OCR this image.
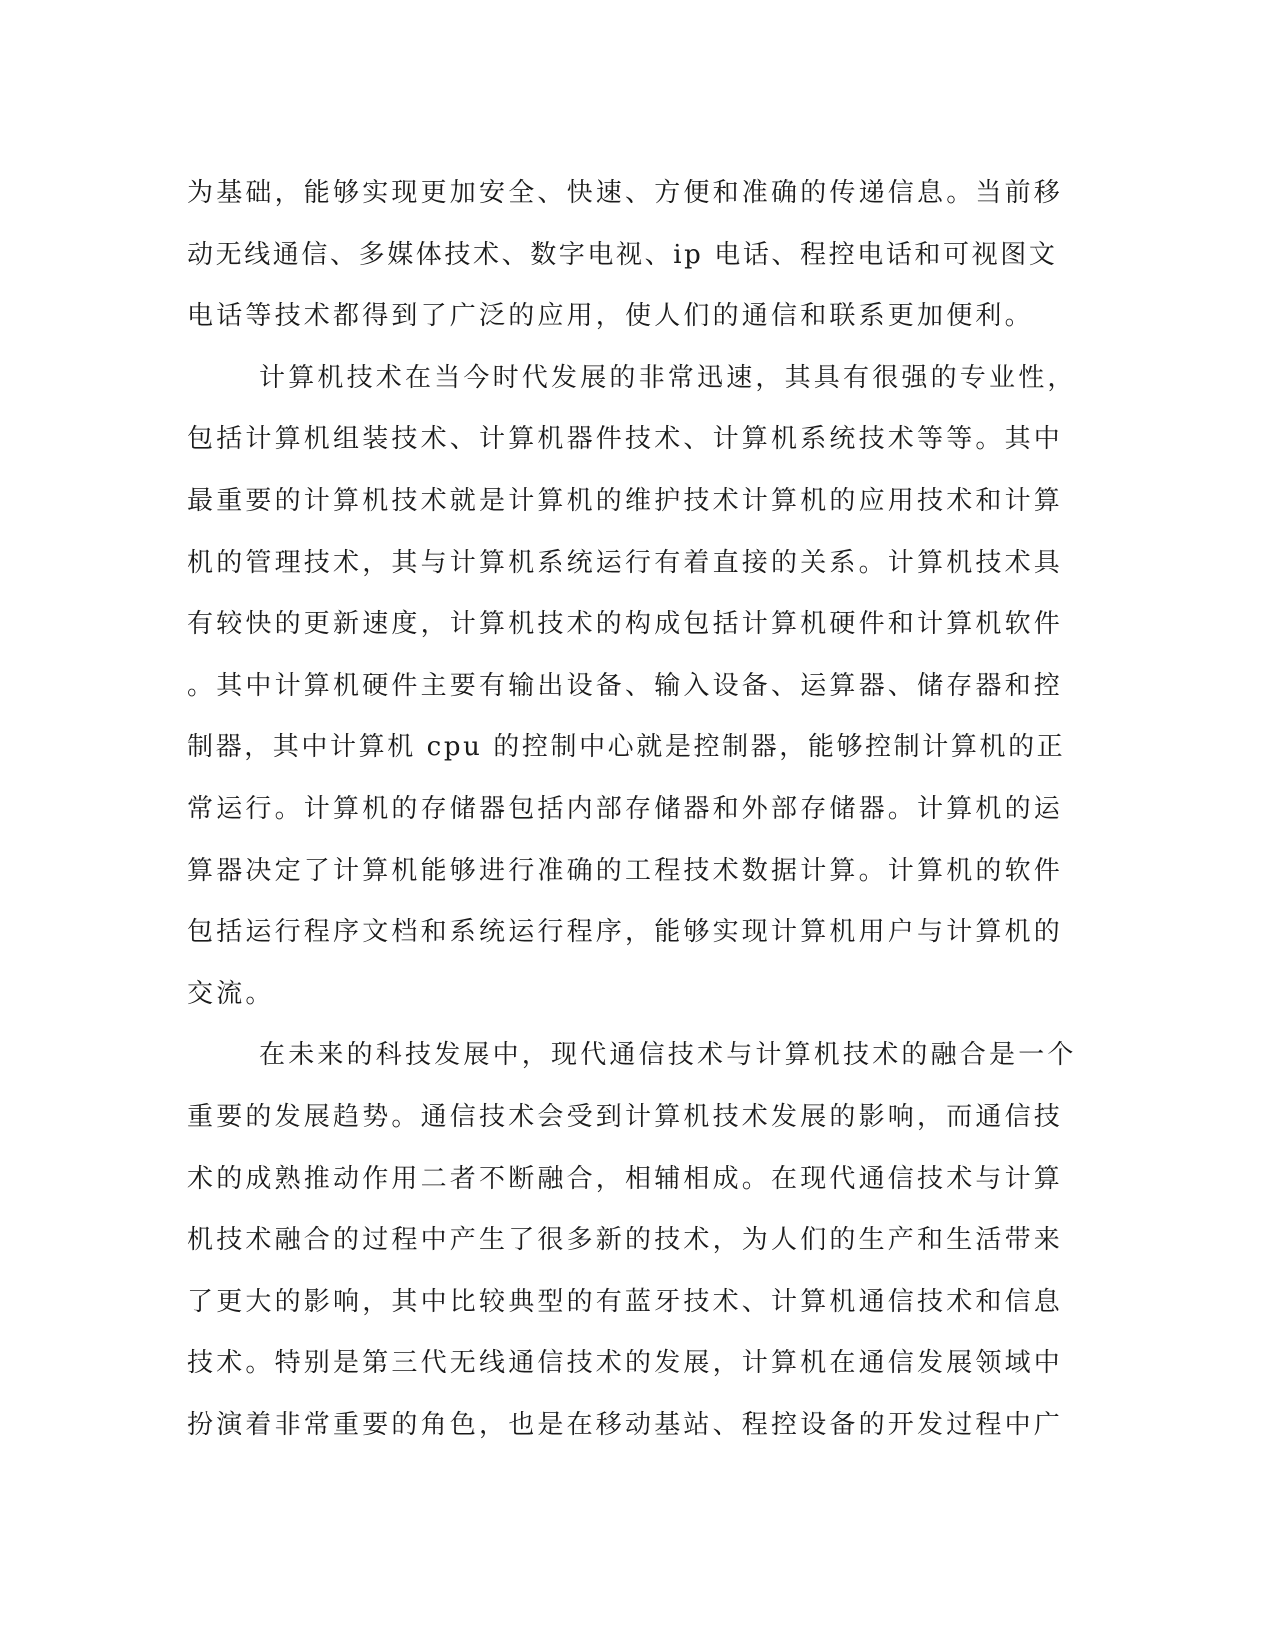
为基础，能够实现更加安全、快速、方便和准确的传递信息。当前移
动无线通信、多媒体技术、数字电视、ip 电话、程控电话和可视图文
电话等技术都得到了广泛的应用，使人们的通信和联系更加便利。
计算机技术在当今时代发展的非常迅速，其具有很强的专业性，
包括计算机组装技术、计算机器件技术、计算机系统技术等等。其中
最重要的计算机技术就是计算机的维护技术计算机的应用技术和计算
机的管理技术，其与计算机系统运行有着直接的关系。计算机技术具
有较快的更新速度，计算机技术的构成包括计算机硬件和计算机软件
。其中计算机硬件主要有输出设备、输入设备、运算器、储存器和控
制器，其中计算机 cpu 的控制中心就是控制器，能够控制计算机的正
常运行。计算机的存储器包括内部存储器和外部存储器。计算机的运
算器决定了计算机能够进行准确的工程技术数据计算。计算机的软件
包括运行程序文档和系统运行程序，能够实现计算机用户与计算机的
交流。
在未来的科技发展中，现代通信技术与计算机技术的融合是一个
重要的发展趋势。通信技术会受到计算机技术发展的影响，而通信技
术的成熟推动作用二者不断融合，相辅相成。在现代通信技术与计算
机技术融合的过程中产生了很多新的技术，为人们的生产和生活带来
了更大的影响，其中比较典型的有蓝牙技术、计算机通信技术和信息
技术。特别是第三代无线通信技术的发展，计算机在通信发展领域中
扮演着非常重要的角色，也是在移动基站、程控设备的开发过程中广
